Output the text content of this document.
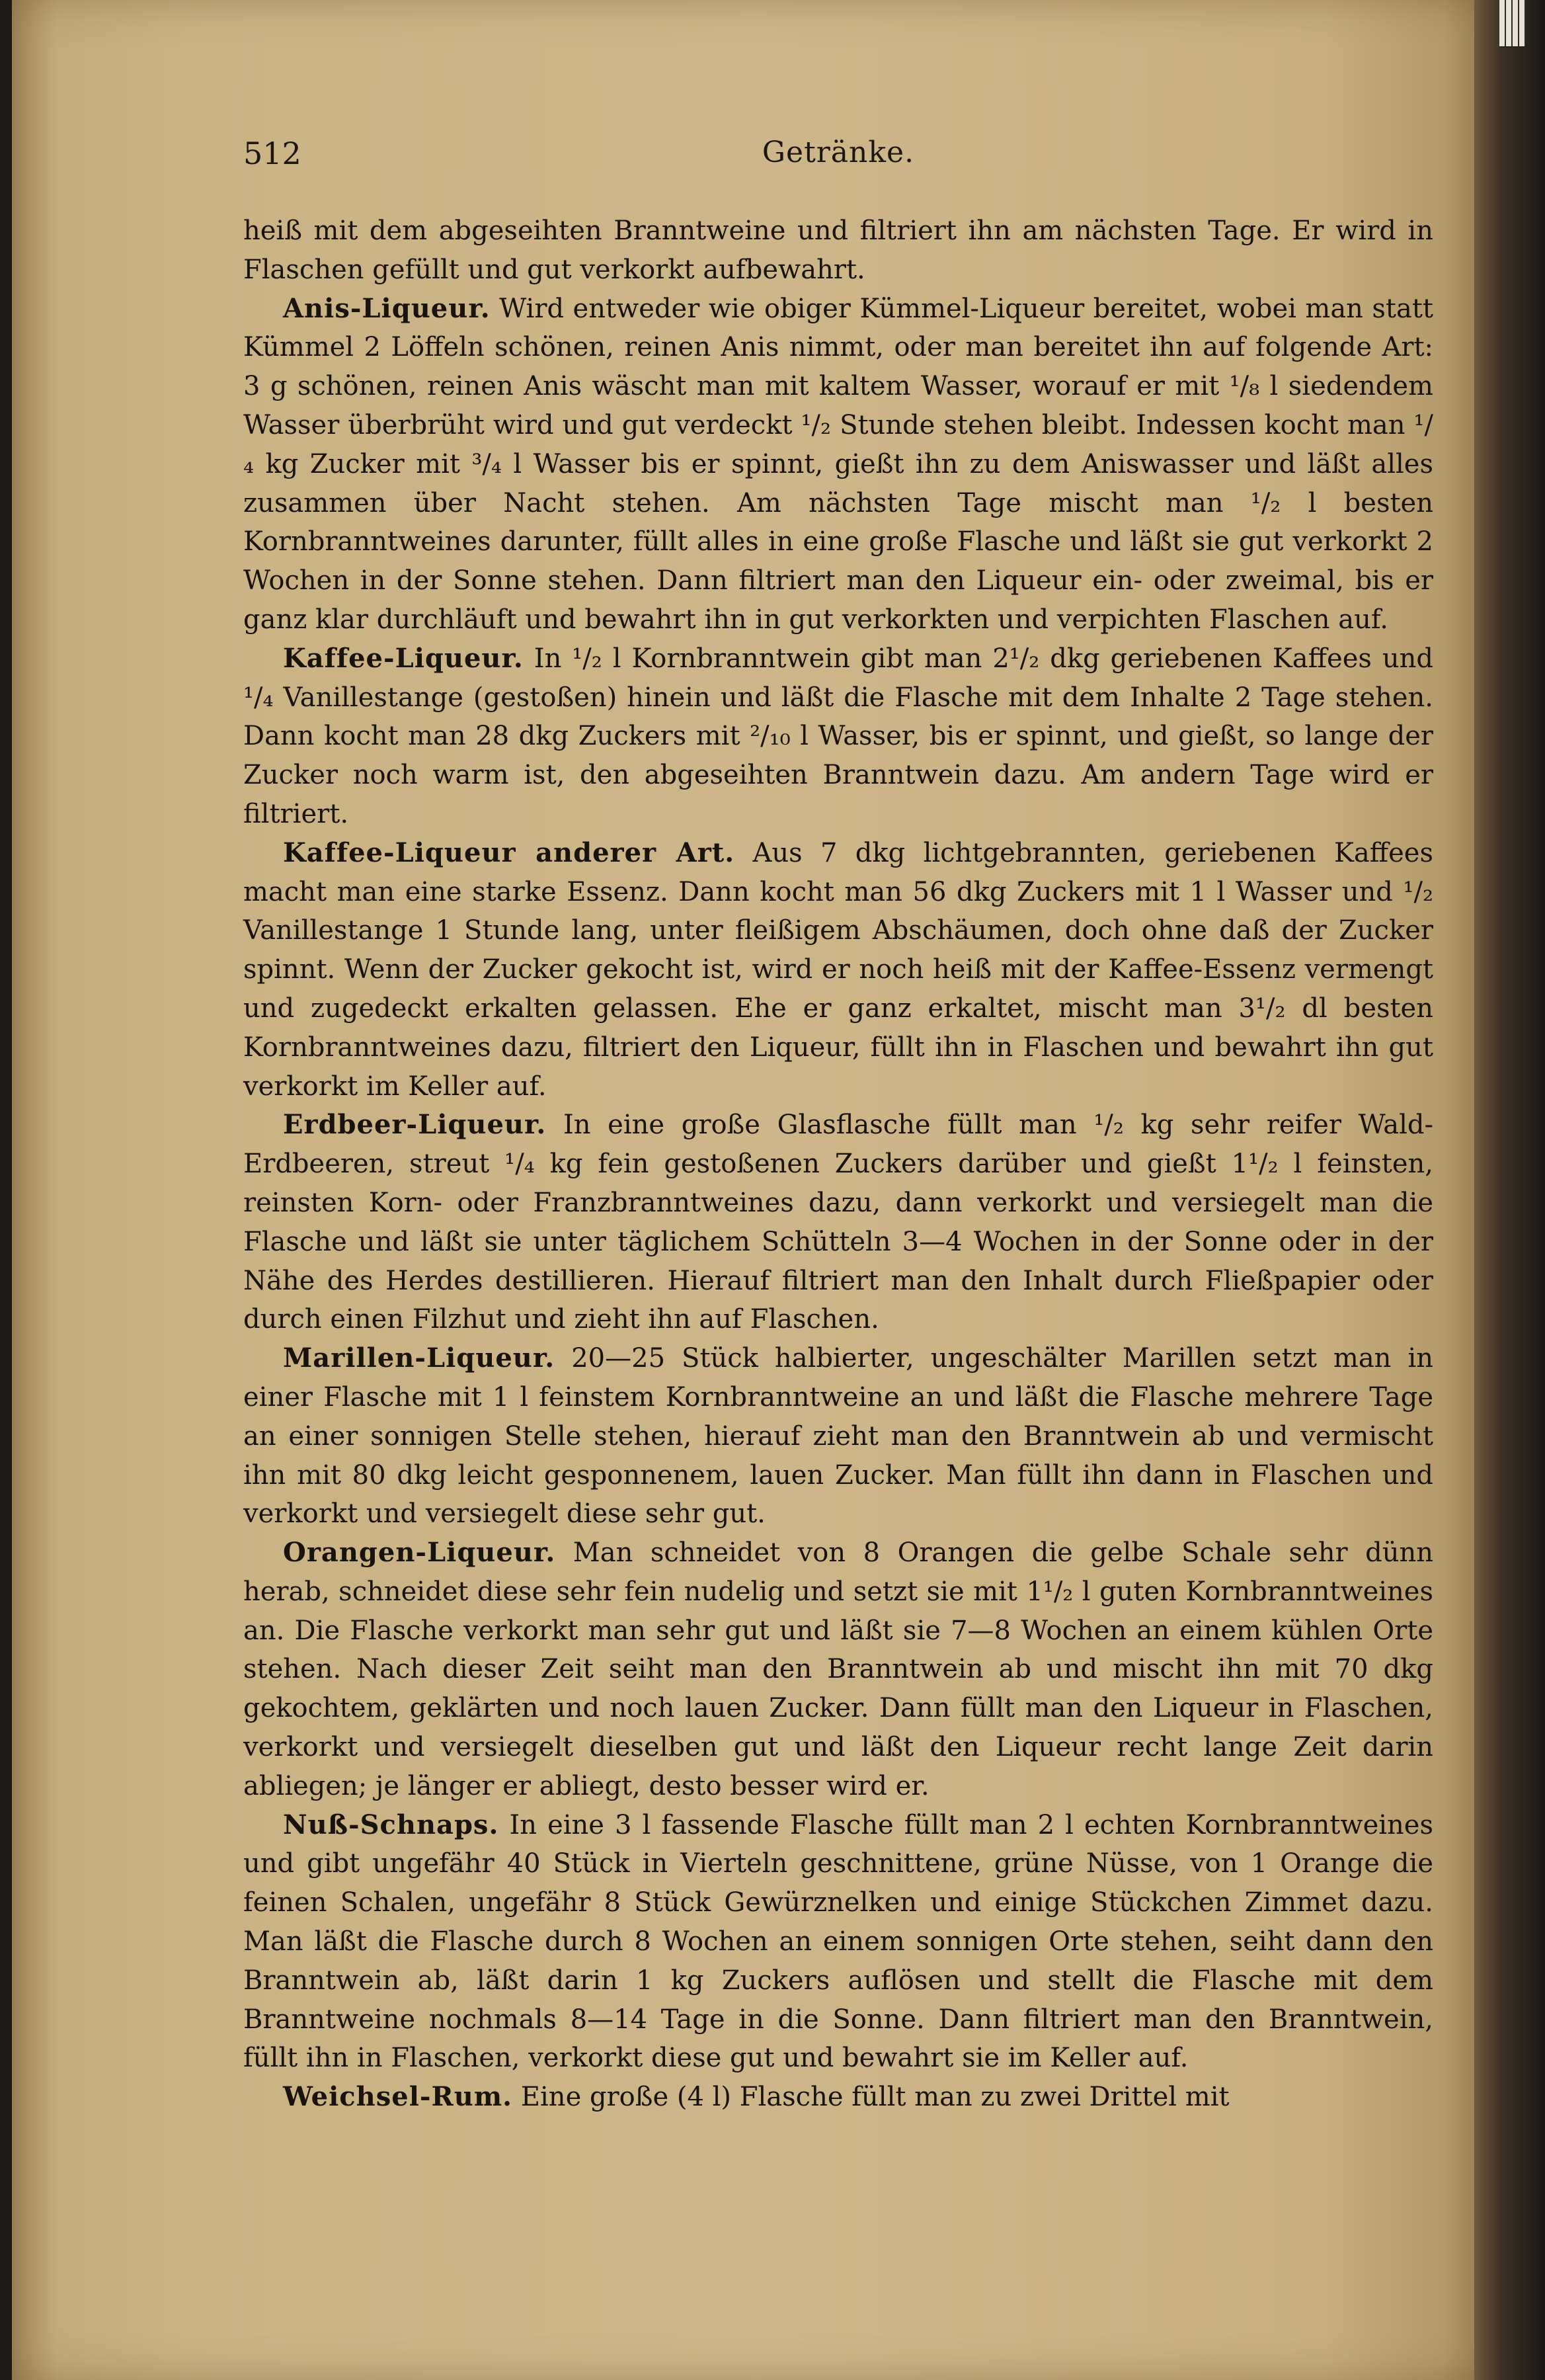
512	Getränke.

heiß mit dem abgeseihten Branntweine und filtriert ihn am nächsten Tage. Er wird in Flaschen gefüllt und gut verkorkt aufbewahrt.

Anis-Liqueur. Wird entweder wie obiger Kümmel-Liqueur bereitet, wobei man statt Kümmel 2 Löffeln schönen, reinen Anis nimmt, oder man bereitet ihn auf folgende Art: 3 g schönen, reinen Anis wäscht man mit kaltem Wasser, worauf er mit ¹/₈ l siedendem Wasser überbrüht wird und gut verdeckt ¹/₂ Stunde stehen bleibt. Indessen kocht man ¹/₄ kg Zucker mit ³/₄ l Wasser bis er spinnt, gießt ihn zu dem Aniswasser und läßt alles zusammen über Nacht stehen. Am nächsten Tage mischt man ¹/₂ l besten Kornbranntweines darunter, füllt alles in eine große Flasche und läßt sie gut verkorkt 2 Wochen in der Sonne stehen. Dann filtriert man den Liqueur ein- oder zweimal, bis er ganz klar durchläuft und bewahrt ihn in gut verkorkten und verpichten Flaschen auf.

Kaffee-Liqueur. In ¹/₂ l Kornbranntwein gibt man 2¹/₂ dkg geriebenen Kaffees und ¹/₄ Vanillestange (gestoßen) hinein und läßt die Flasche mit dem Inhalte 2 Tage stehen. Dann kocht man 28 dkg Zuckers mit ²/₁₀ l Wasser, bis er spinnt, und gießt, so lange der Zucker noch warm ist, den abgeseihten Branntwein dazu. Am andern Tage wird er filtriert.

Kaffee-Liqueur anderer Art. Aus 7 dkg lichtgebrannten, geriebenen Kaffees macht man eine starke Essenz. Dann kocht man 56 dkg Zuckers mit 1 l Wasser und ¹/₂ Vanillestange 1 Stunde lang, unter fleißigem Abschäumen, doch ohne daß der Zucker spinnt. Wenn der Zucker gekocht ist, wird er noch heiß mit der Kaffee-Essenz vermengt und zugedeckt erkalten gelassen. Ehe er ganz erkaltet, mischt man 3¹/₂ dl besten Kornbranntweines dazu, filtriert den Liqueur, füllt ihn in Flaschen und bewahrt ihn gut verkorkt im Keller auf.

Erdbeer-Liqueur. In eine große Glasflasche füllt man ¹/₂ kg sehr reifer Wald-Erdbeeren, streut ¹/₄ kg fein gestoßenen Zuckers darüber und gießt 1¹/₂ l feinsten, reinsten Korn- oder Franzbranntweines dazu, dann verkorkt und versiegelt man die Flasche und läßt sie unter täglichem Schütteln 3—4 Wochen in der Sonne oder in der Nähe des Herdes destillieren. Hierauf filtriert man den Inhalt durch Fließpapier oder durch einen Filzhut und zieht ihn auf Flaschen.

Marillen-Liqueur. 20—25 Stück halbierter, ungeschälter Marillen setzt man in einer Flasche mit 1 l feinstem Kornbranntweine an und läßt die Flasche mehrere Tage an einer sonnigen Stelle stehen, hierauf zieht man den Branntwein ab und vermischt ihn mit 80 dkg leicht gesponnenem, lauen Zucker. Man füllt ihn dann in Flaschen und verkorkt und versiegelt diese sehr gut.

Orangen-Liqueur. Man schneidet von 8 Orangen die gelbe Schale sehr dünn herab, schneidet diese sehr fein nudelig und setzt sie mit 1¹/₂ l guten Kornbranntweines an. Die Flasche verkorkt man sehr gut und läßt sie 7—8 Wochen an einem kühlen Orte stehen. Nach dieser Zeit seiht man den Branntwein ab und mischt ihn mit 70 dkg gekochtem, geklärten und noch lauen Zucker. Dann füllt man den Liqueur in Flaschen, verkorkt und versiegelt dieselben gut und läßt den Liqueur recht lange Zeit darin abliegen; je länger er abliegt, desto besser wird er.

Nuß-Schnaps. In eine 3 l fassende Flasche füllt man 2 l echten Kornbranntweines und gibt ungefähr 40 Stück in Vierteln geschnittene, grüne Nüsse, von 1 Orange die feinen Schalen, ungefähr 8 Stück Gewürznelken und einige Stückchen Zimmet dazu. Man läßt die Flasche durch 8 Wochen an einem sonnigen Orte stehen, seiht dann den Branntwein ab, läßt darin 1 kg Zuckers auflösen und stellt die Flasche mit dem Branntweine nochmals 8—14 Tage in die Sonne. Dann filtriert man den Branntwein, füllt ihn in Flaschen, verkorkt diese gut und bewahrt sie im Keller auf.

Weichsel-Rum. Eine große (4 l) Flasche füllt man zu zwei Drittel mit
